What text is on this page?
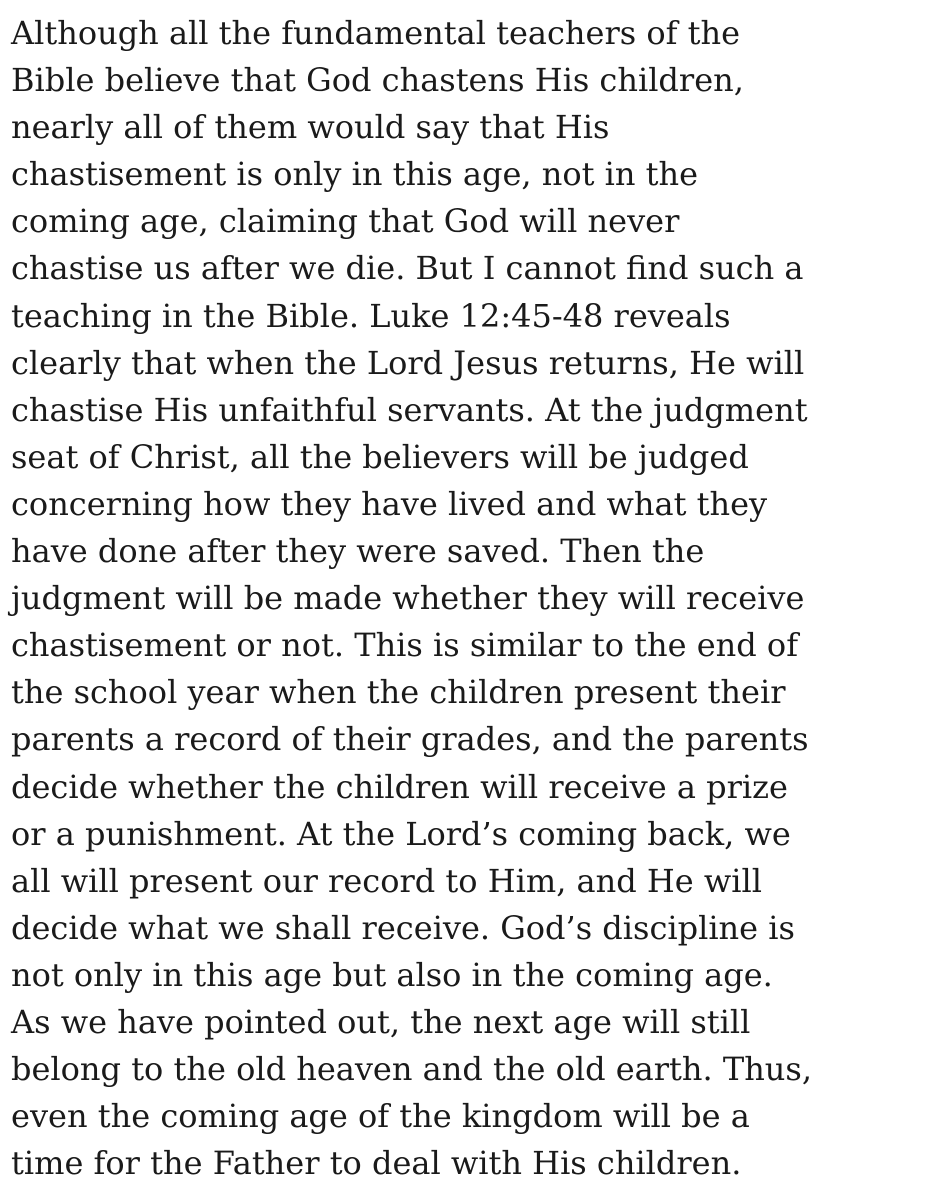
Although all the fundamental teachers of the
Bible believe that God chastens His children,
nearly all of them would say that His
chastisement is only in this age, not in the
coming age, claiming that God will never
chastise us after we die. But I cannot find such a
teaching in the Bible. Luke 12:45-48 reveals
clearly that when the Lord Jesus returns, He will
chastise His unfaithful servants. At the judgment
seat of Christ, all the believers will be judged
concerning how they have lived and what they
have done after they were saved. Then the
judgment will be made whether they will receive
chastisement or not. This is similar to the end of
the school year when the children present their
parents a record of their grades, and the parents
decide whether the children will receive a prize
or a punishment. At the Lord’s coming back, we
all will present our record to Him, and He will
decide what we shall receive. God’s discipline is
not only in this age but also in the coming age.
As we have pointed out, the next age will still
belong to the old heaven and the old earth. Thus,
even the coming age of the kingdom will be a
time for the Father to deal with His children.
